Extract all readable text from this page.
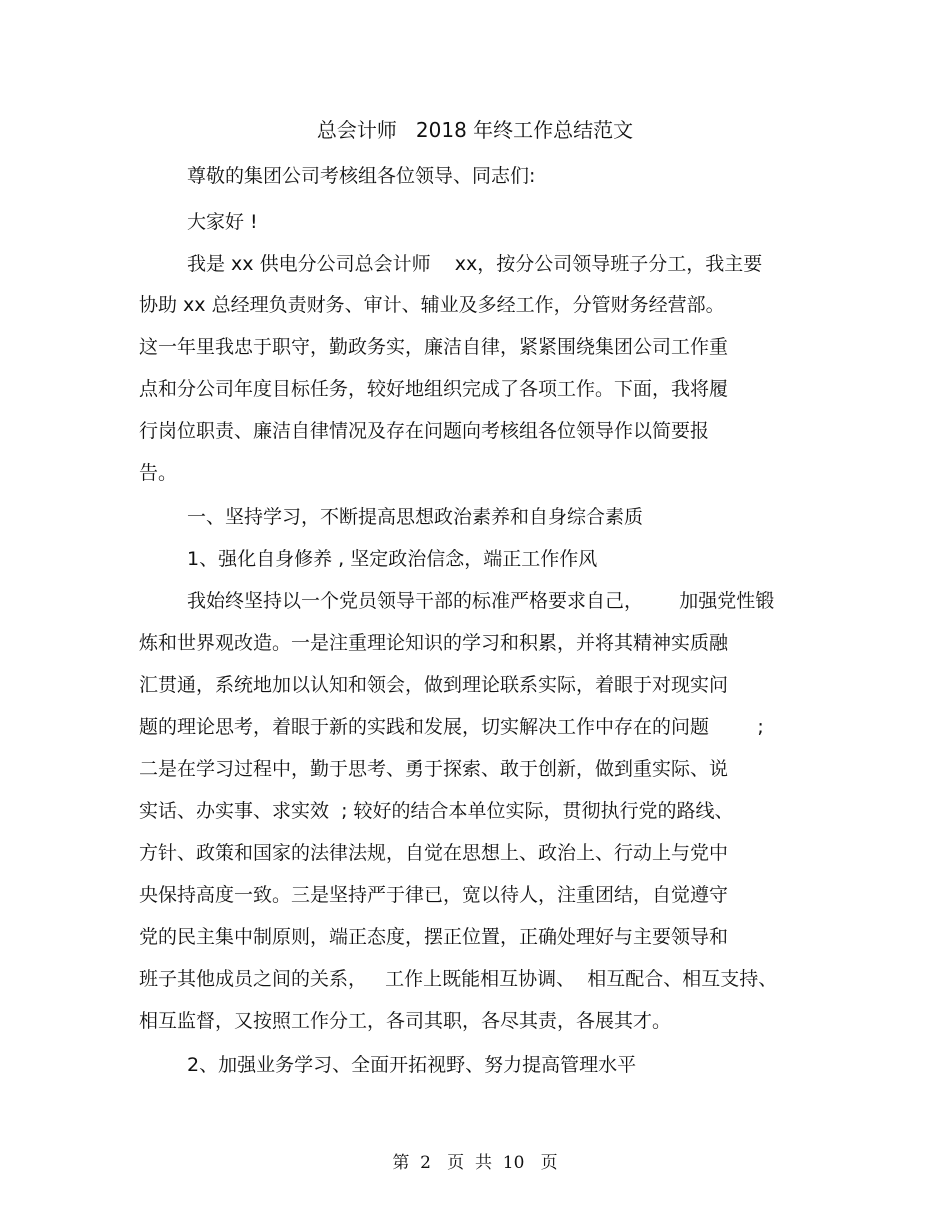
总会计师   2018 年终工作总结范文
尊敬的集团公司考核组各位领导、同志们:
大家好 !
我是 xx 供电分公司总会计师    xx，按分公司领导班子分工，我主要
协助 xx 总经理负责财务、审计、辅业及多经工作，分管财务经营部。
这一年里我忠于职守，勤政务实，廉洁自律，紧紧围绕集团公司工作重
点和分公司年度目标任务，较好地组织完成了各项工作。下面，我将履
行岗位职责、廉洁自律情况及存在问题向考核组各位领导作以简要报
告。
一、坚持学习，不断提高思想政治素养和自身综合素质
1、强化自身修养 , 坚定政治信念，端正工作作风
我始终坚持以一个党员领导干部的标准严格要求自己，      加强党性锻
炼和世界观改造。一是注重理论知识的学习和积累，并将其精神实质融
汇贯通，系统地加以认知和领会，做到理论联系实际，着眼于对现实问
题的理论思考，着眼于新的实践和发展，切实解决工作中存在的问题        ;
二是在学习过程中，勤于思考、勇于探索、敢于创新，做到重实际、说
实话、办实事、求实效  ; 较好的结合本单位实际，贯彻执行党的路线、
方针、政策和国家的法律法规，自觉在思想上、政治上、行动上与党中
央保持高度一致。三是坚持严于律已，宽以待人，注重团结，自觉遵守
党的民主集中制原则，端正态度，摆正位置，正确处理好与主要领导和
班子其他成员之间的关系，   工作上既能相互协调、  相互配合、相互支持、
相互监督，又按照工作分工，各司其职，各尽其责，各展其才。
2、加强业务学习、全面开拓视野、努力提高管理水平
第  2   页  共  10   页
